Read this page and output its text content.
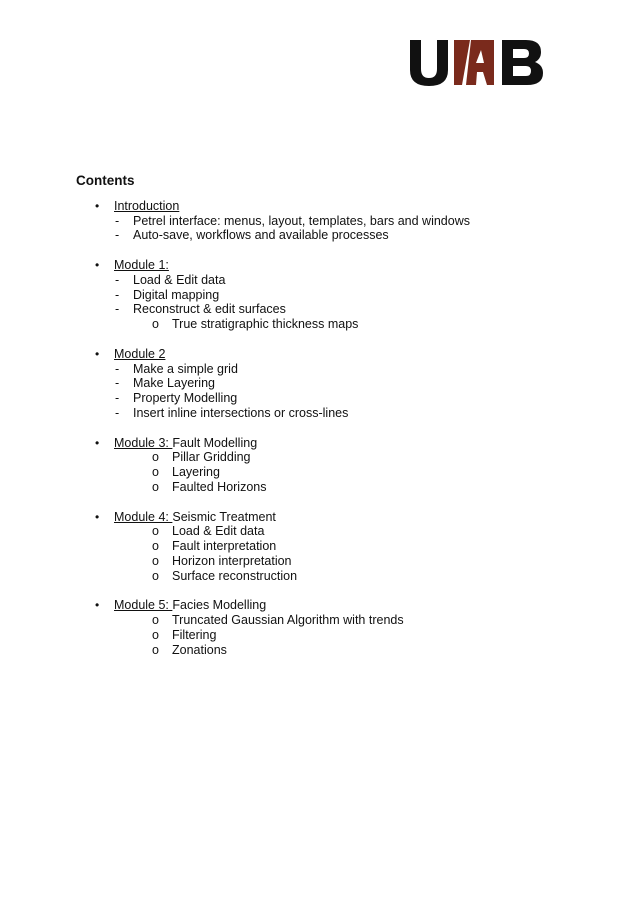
Contents
• Introduction
- Petrel interface: menus, layout, templates, bars and windows
- Auto-save, workflows and available processes
• Module 1:
- Load & Edit data
- Digital mapping
- Reconstruct & edit surfaces
o True stratigraphic thickness maps
• Module 2
- Make a simple grid
- Make Layering
- Property Modelling
- Insert inline intersections or cross-lines
• Module 3: Fault Modelling
o Pillar Gridding
o Layering
o Faulted Horizons
• Module 4: Seismic Treatment
o Load & Edit data
o Fault interpretation
o Horizon interpretation
o Surface reconstruction
• Module 5: Facies Modelling
o Truncated Gaussian Algorithm with trends
o Filtering
o Zonations
